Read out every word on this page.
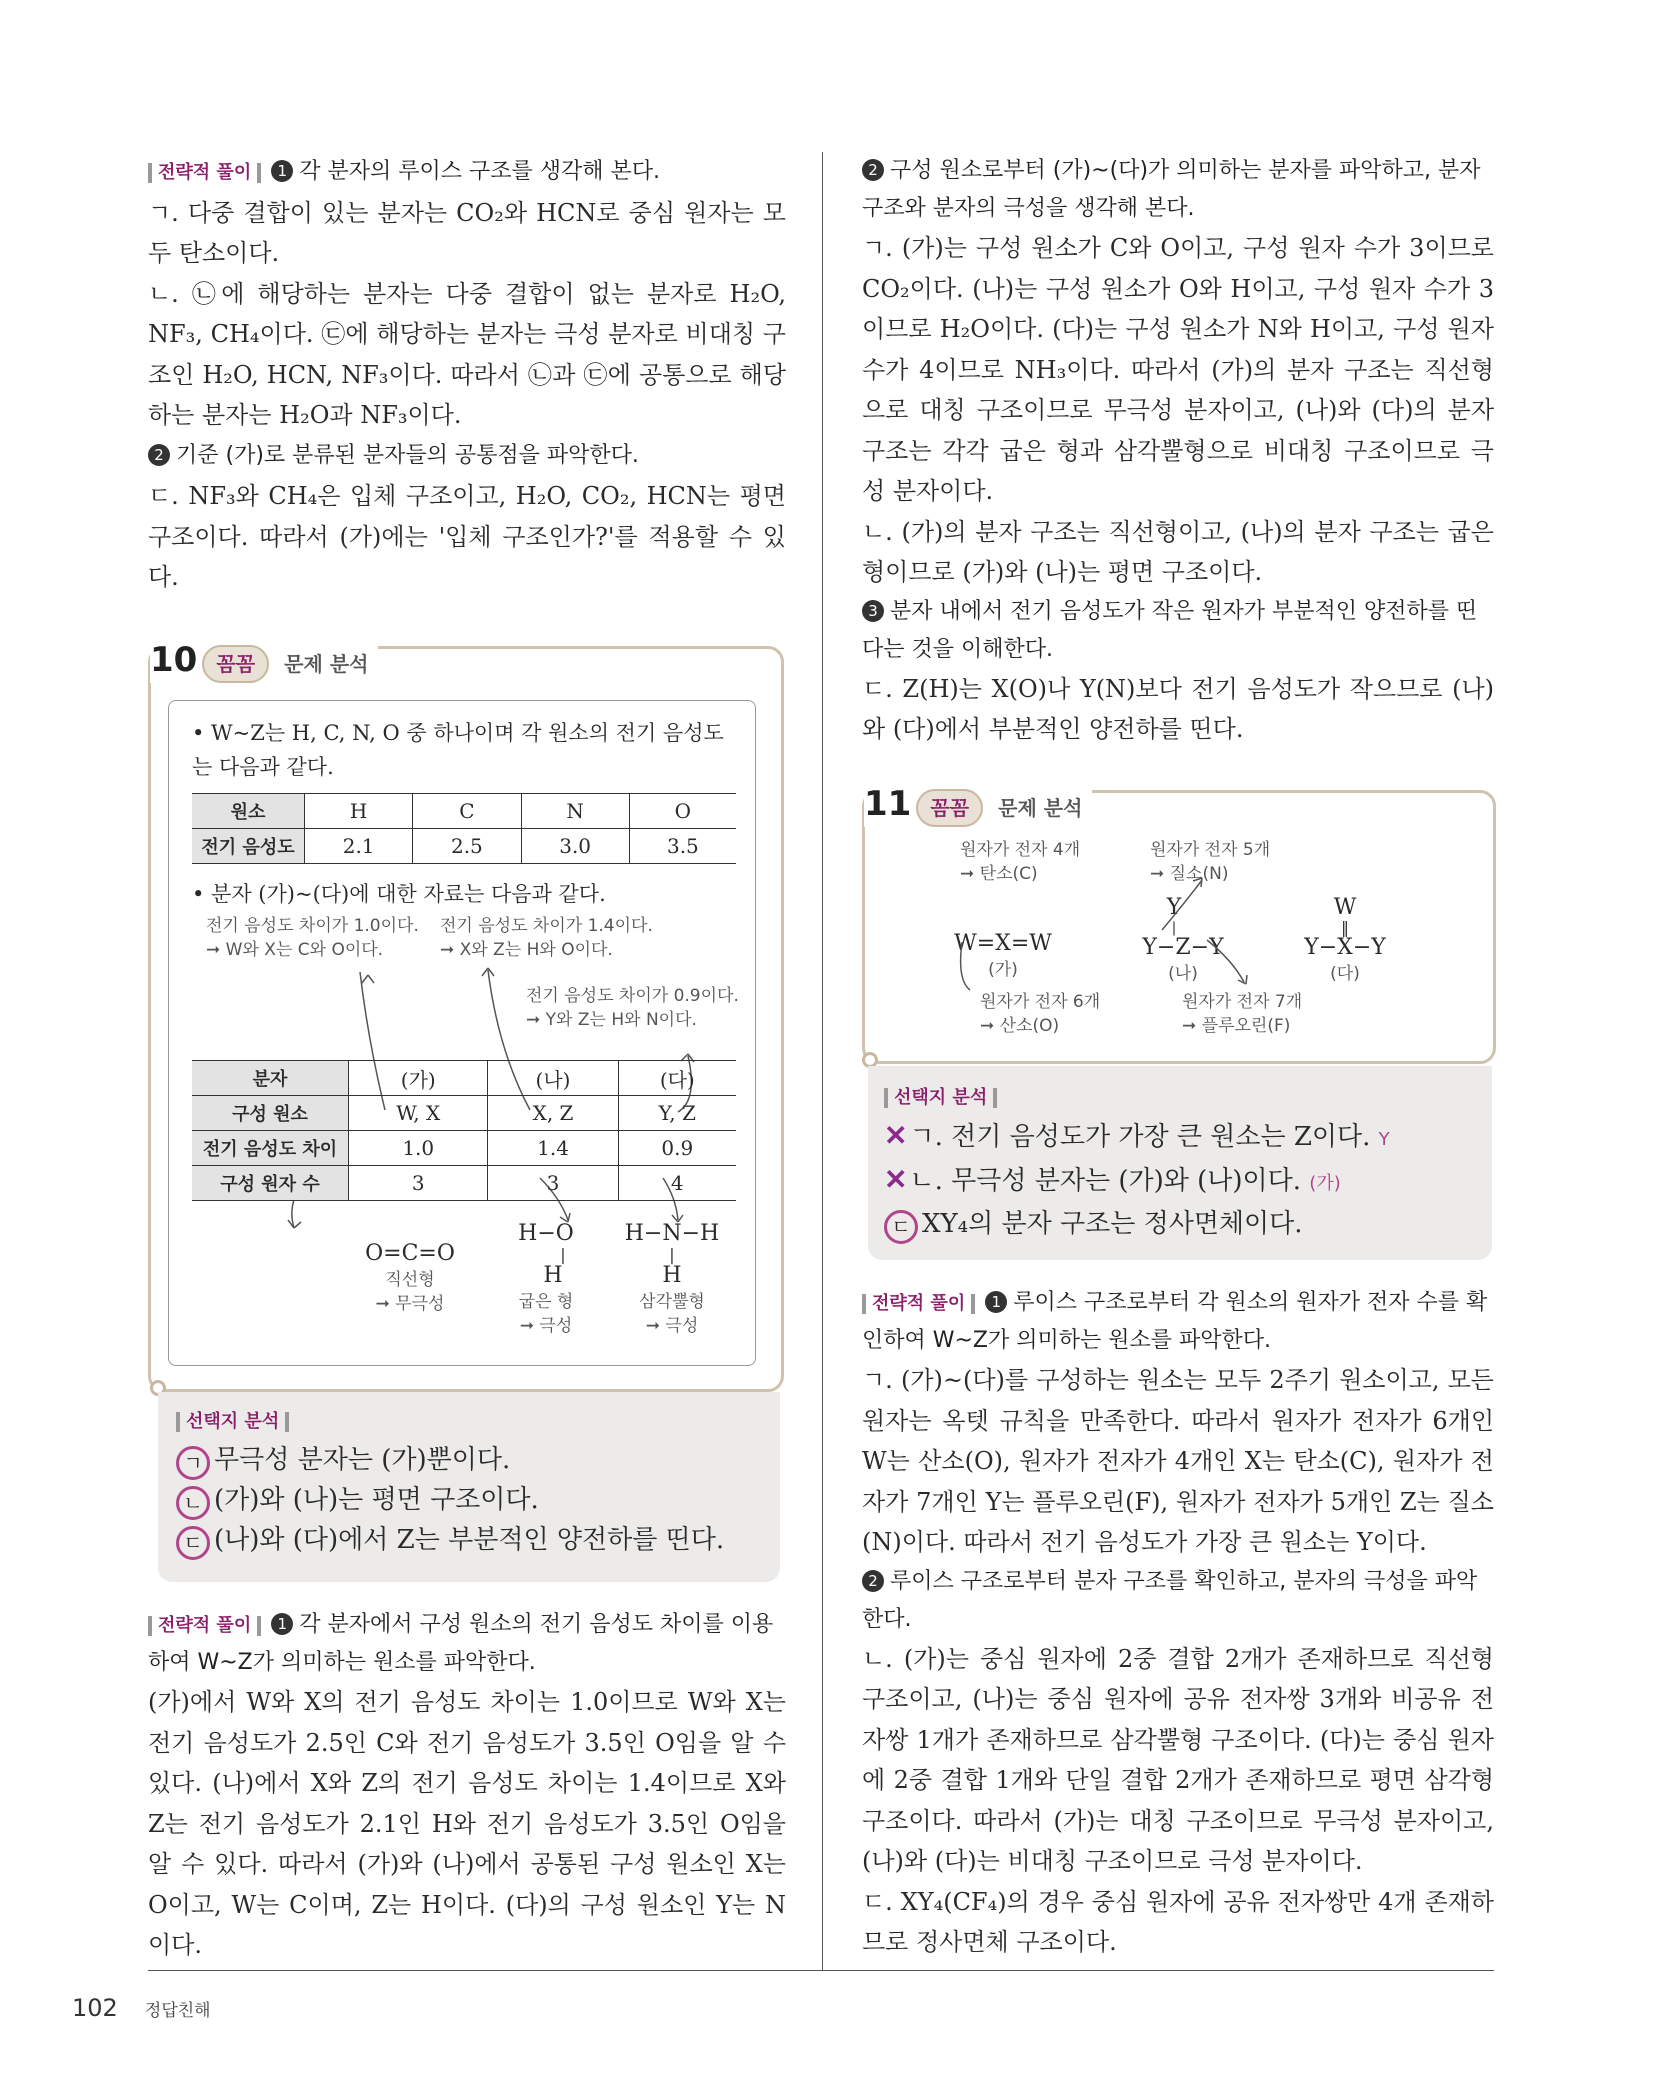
전략적 풀이 1 각 분자의 루이스 구조를 생각해 본다.

ㄱ. 다중 결합이 있는 분자는 CO₂와 HCN로 중심 원자는 모두 탄소이다.

ㄴ. ㉡에 해당하는 분자는 다중 결합이 없는 분자로 H₂O, NF₃, CH₄이다. ㉢에 해당하는 분자는 극성 분자로 비대칭 구조인 H₂O, HCN, NF₃이다. 따라서 ㉡과 ㉢에 공통으로 해당하는 분자는 H₂O과 NF₃이다.

2 기준 (가)로 분류된 분자들의 공통점을 파악한다.

ㄷ. NF₃와 CH₄은 입체 구조이고, H₂O, CO₂, HCN는 평면 구조이다. 따라서 (가)에는 '입체 구조인가?'를 적용할 수 있다.

10 꼼꼼 문제 분석
• W~Z는 H, C, N, O 중 하나이며 각 원소의 전기 음성도는 다음과 같다.
원소	H	C	N	O
전기 음성도	2.1	2.5	3.0	3.5
• 분자 (가)~(다)에 대한 자료는 다음과 같다.
전기 음성도 차이가 1.0이다.
➞ W와 X는 C와 O이다.
전기 음성도 차이가 1.4이다.
➞ X와 Z는 H와 O이다.
전기 음성도 차이가 0.9이다.
➞ Y와 Z는 H와 N이다.
분자	(가)	(나)	(다)
구성 원소	W, X	X, Z	Y, Z
전기 음성도 차이	1.0	1.4	0.9
구성 원자 수	3	3	4
O=C=O
직선형
➞ 무극성
H−O
|
H
굽은 형
➞ 극성
H−N−H
|
H
삼각뿔형
➞ 극성
선택지 분석
ㄱ 무극성 분자는 (가)뿐이다.
ㄴ (가)와 (나)는 평면 구조이다.
ㄷ (나)와 (다)에서 Z는 부분적인 양전하를 띤다.
전략적 풀이 1 각 분자에서 구성 원소의 전기 음성도 차이를 이용하여 W~Z가 의미하는 원소를 파악한다.

(가)에서 W와 X의 전기 음성도 차이는 1.0이므로 W와 X는 전기 음성도가 2.5인 C와 전기 음성도가 3.5인 O임을 알 수 있다. (나)에서 X와 Z의 전기 음성도 차이는 1.4이므로 X와 Z는 전기 음성도가 2.1인 H와 전기 음성도가 3.5인 O임을 알 수 있다. 따라서 (가)와 (나)에서 공통된 구성 원소인 X는 O이고, W는 C이며, Z는 H이다. (다)의 구성 원소인 Y는 N이다.

2 구성 원소로부터 (가)~(다)가 의미하는 분자를 파악하고, 분자 구조와 분자의 극성을 생각해 본다.

ㄱ. (가)는 구성 원소가 C와 O이고, 구성 원자 수가 3이므로 CO₂이다. (나)는 구성 원소가 O와 H이고, 구성 원자 수가 3이므로 H₂O이다. (다)는 구성 원소가 N와 H이고, 구성 원자 수가 4이므로 NH₃이다. 따라서 (가)의 분자 구조는 직선형으로 대칭 구조이므로 무극성 분자이고, (나)와 (다)의 분자 구조는 각각 굽은 형과 삼각뿔형으로 비대칭 구조이므로 극성 분자이다.

ㄴ. (가)의 분자 구조는 직선형이고, (나)의 분자 구조는 굽은 형이므로 (가)와 (나)는 평면 구조이다.

3 분자 내에서 전기 음성도가 작은 원자가 부분적인 양전하를 띤다는 것을 이해한다.

ㄷ. Z(H)는 X(O)나 Y(N)보다 전기 음성도가 작으므로 (나)와 (다)에서 부분적인 양전하를 띤다.

11 꼼꼼 문제 분석
원자가 전자 4개
➞ 탄소(C)
원자가 전자 5개
➞ 질소(N)
원자가 전자 6개
➞ 산소(O)
원자가 전자 7개
➞ 플루오린(F)
W=X=W
(가)
Y
|
Y−Z−Y
(나)
W
‖
Y−X−Y
(다)
선택지 분석
✕ㄱ. 전기 음성도가 가장 큰 원소는 Z이다. Y
✕ㄴ. 무극성 분자는 (가)와 (나)이다. (가)
ㄷ XY₄의 분자 구조는 정사면체이다.
전략적 풀이 1 루이스 구조로부터 각 원소의 원자가 전자 수를 확인하여 W~Z가 의미하는 원소를 파악한다.

ㄱ. (가)~(다)를 구성하는 원소는 모두 2주기 원소이고, 모든 원자는 옥텟 규칙을 만족한다. 따라서 원자가 전자가 6개인 W는 산소(O), 원자가 전자가 4개인 X는 탄소(C), 원자가 전자가 7개인 Y는 플루오린(F), 원자가 전자가 5개인 Z는 질소(N)이다. 따라서 전기 음성도가 가장 큰 원소는 Y이다.

2 루이스 구조로부터 분자 구조를 확인하고, 분자의 극성을 파악한다.

ㄴ. (가)는 중심 원자에 2중 결합 2개가 존재하므로 직선형 구조이고, (나)는 중심 원자에 공유 전자쌍 3개와 비공유 전자쌍 1개가 존재하므로 삼각뿔형 구조이다. (다)는 중심 원자에 2중 결합 1개와 단일 결합 2개가 존재하므로 평면 삼각형 구조이다. 따라서 (가)는 대칭 구조이므로 무극성 분자이고, (나)와 (다)는 비대칭 구조이므로 극성 분자이다.

ㄷ. XY₄(CF₄)의 경우 중심 원자에 공유 전자쌍만 4개 존재하므로 정사면체 구조이다.

102 정답친해
